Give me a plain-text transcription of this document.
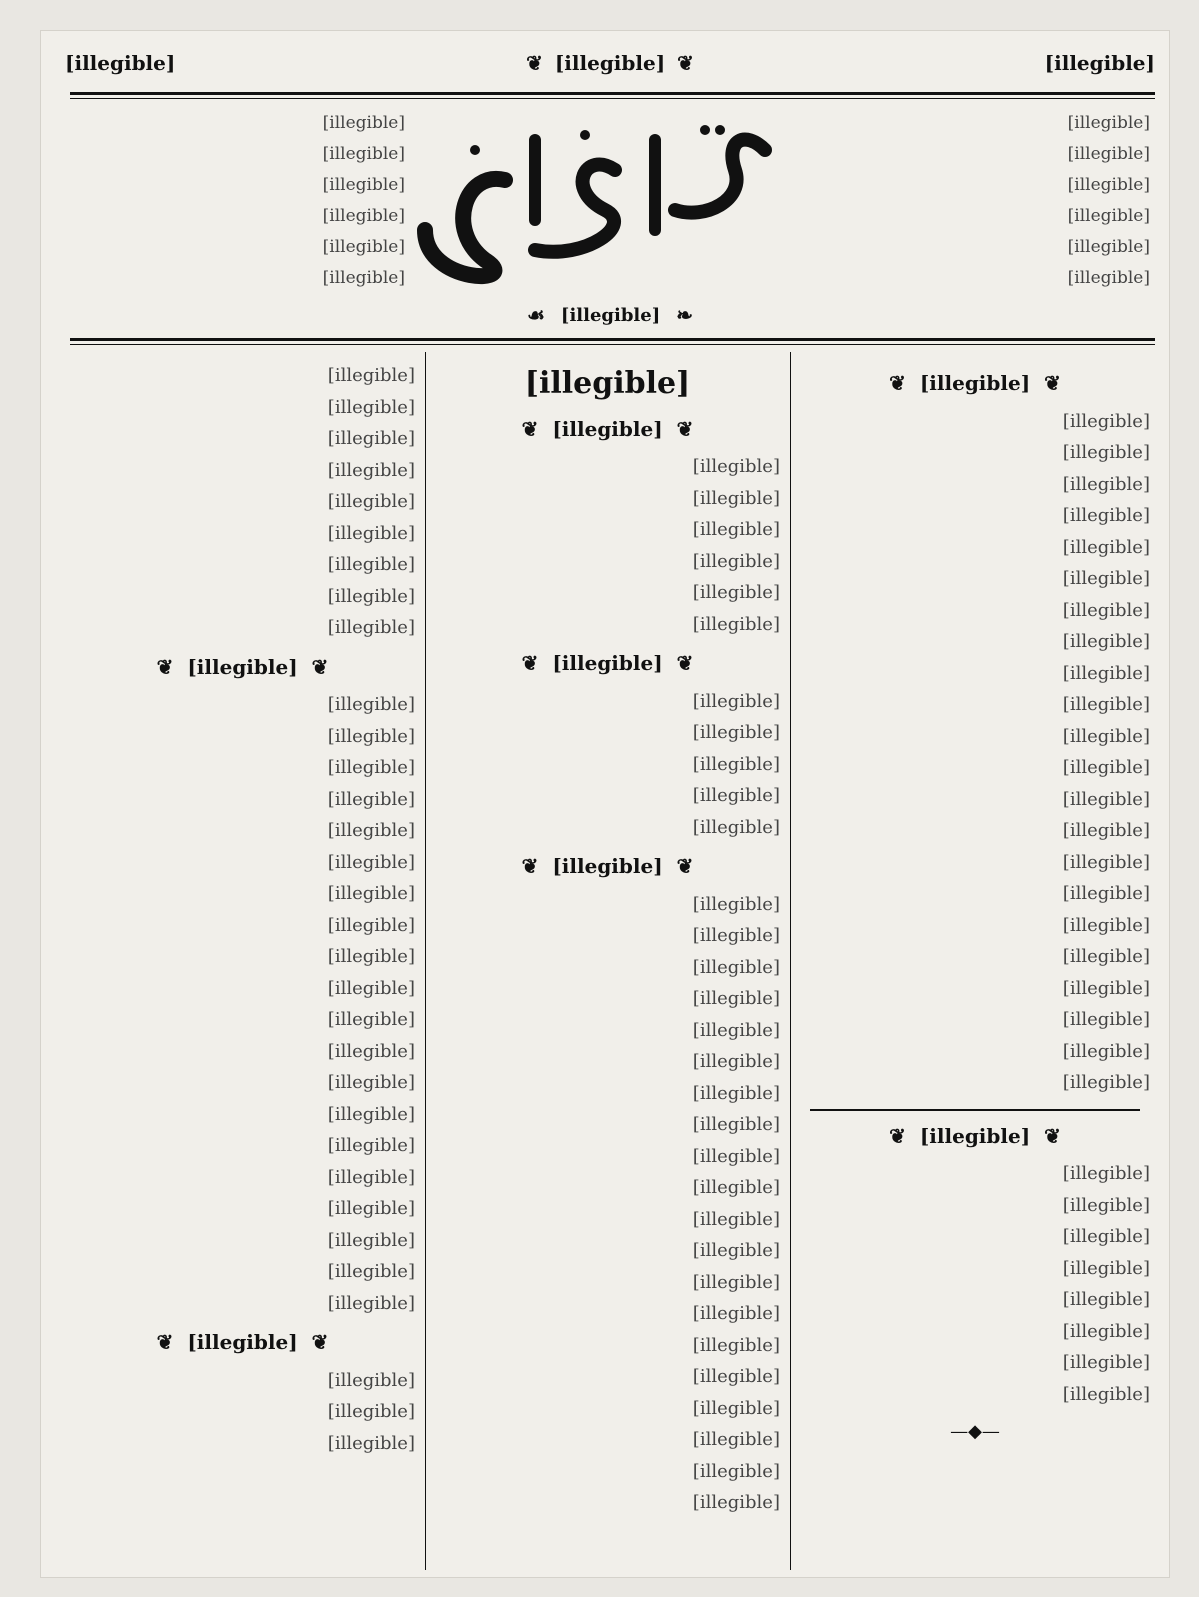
[illegible]
❦
[illegible]
❦
[illegible]
[illegible]
[illegible]
[illegible]
[illegible]
[illegible]
[illegible]
[illegible]
[illegible]
[illegible]
[illegible]
[illegible]
[illegible]
❧
[illegible]
☙
❦
[illegible]
❦
[illegible]
[illegible]
[illegible]
[illegible]
[illegible]
[illegible]
[illegible]
[illegible]
[illegible]
[illegible]
[illegible]
[illegible]
[illegible]
[illegible]
[illegible]
[illegible]
[illegible]
[illegible]
[illegible]
[illegible]
[illegible]
[illegible]
❦
[illegible]
❦
[illegible]
[illegible]
[illegible]
[illegible]
[illegible]
[illegible]
[illegible]
[illegible]
—◆—
[illegible]
❦
[illegible]
❦
[illegible]
[illegible]
[illegible]
[illegible]
[illegible]
[illegible]
❦
[illegible]
❦
[illegible]
[illegible]
[illegible]
[illegible]
[illegible]
❦
[illegible]
❦
[illegible]
[illegible]
[illegible]
[illegible]
[illegible]
[illegible]
[illegible]
[illegible]
[illegible]
[illegible]
[illegible]
[illegible]
[illegible]
[illegible]
[illegible]
[illegible]
[illegible]
[illegible]
[illegible]
[illegible]
[illegible]
[illegible]
[illegible]
[illegible]
[illegible]
[illegible]
[illegible]
[illegible]
[illegible]
❦
[illegible]
❦
[illegible]
[illegible]
[illegible]
[illegible]
[illegible]
[illegible]
[illegible]
[illegible]
[illegible]
[illegible]
[illegible]
[illegible]
[illegible]
[illegible]
[illegible]
[illegible]
[illegible]
[illegible]
[illegible]
[illegible]
❦
[illegible]
❦
[illegible]
[illegible]
[illegible]
